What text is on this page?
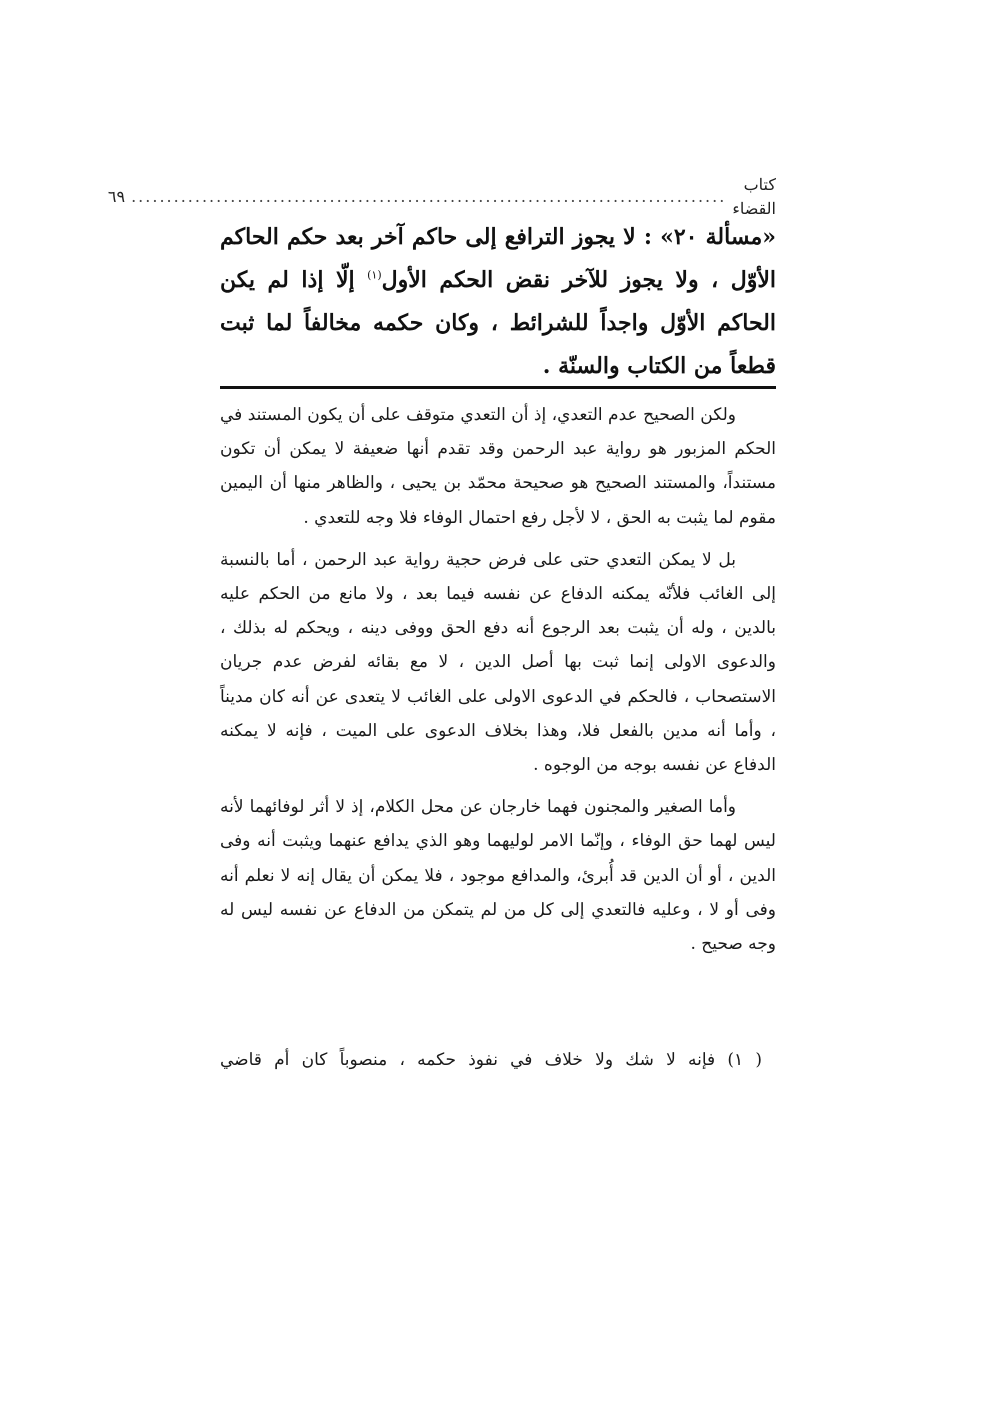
كتاب القضاء
....................................................................................
٦٩
«مسألة ٢٠» : لا يجوز الترافع إلى حاكم آخر بعد حكم الحاكم الأوّل ، ولا يجوز للآخر نقض الحكم الأول$^{(١)}$ إلّا إذا لم يكن الحاكم الأوّل واجداً للشرائط ، وكان حكمه مخالفاً لما ثبت قطعاً من الكتاب والسنّة .

ولكن الصحيح عدم التعدي، إذ أن التعدي متوقف على أن يكون المستند في الحكم المزبور هو رواية عبد الرحمن وقد تقدم أنها ضعيفة لا يمكن أن تكون مستنداً، والمستند الصحيح هو صحيحة محمّد بن يحيى ، والظاهر منها أن اليمين مقوم لما يثبت به الحق ، لا لأجل رفع احتمال الوفاء فلا وجه للتعدي .

بل لا يمكن التعدي حتى على فرض حجية رواية عبد الرحمن ، أما بالنسبة إلى الغائب فلأنّه يمكنه الدفاع عن نفسه فيما بعد ، ولا مانع من الحكم عليه بالدين ، وله أن يثبت بعد الرجوع أنه دفع الحق ووفى دينه ، ويحكم له بذلك ، والدعوى الاولى إنما ثبت بها أصل الدين ، لا مع بقائه لفرض عدم جريان الاستصحاب ، فالحكم في الدعوى الاولى على الغائب لا يتعدى عن أنه كان مديناً ، وأما أنه مدين بالفعل فلا، وهذا بخلاف الدعوى على الميت ، فإنه لا يمكنه الدفاع عن نفسه بوجه من الوجوه .

وأما الصغير والمجنون فهما خارجان عن محل الكلام، إذ لا أثر لوفائهما لأنه ليس لهما حق الوفاء ، وإنّما الامر لوليهما وهو الذي يدافع عنهما ويثبت أنه وفى الدين ، أو أن الدين قد أُبرئ، والمدافع موجود ، فلا يمكن أن يقال إنه لا نعلم أنه وفى أو لا ، وعليه فالتعدي إلى كل من لم يتمكن من الدفاع عن نفسه ليس له وجه صحيح .

( ١) فإنه لا شك ولا خلاف في نفوذ حكمه ، منصوباً كان أم قاضي
